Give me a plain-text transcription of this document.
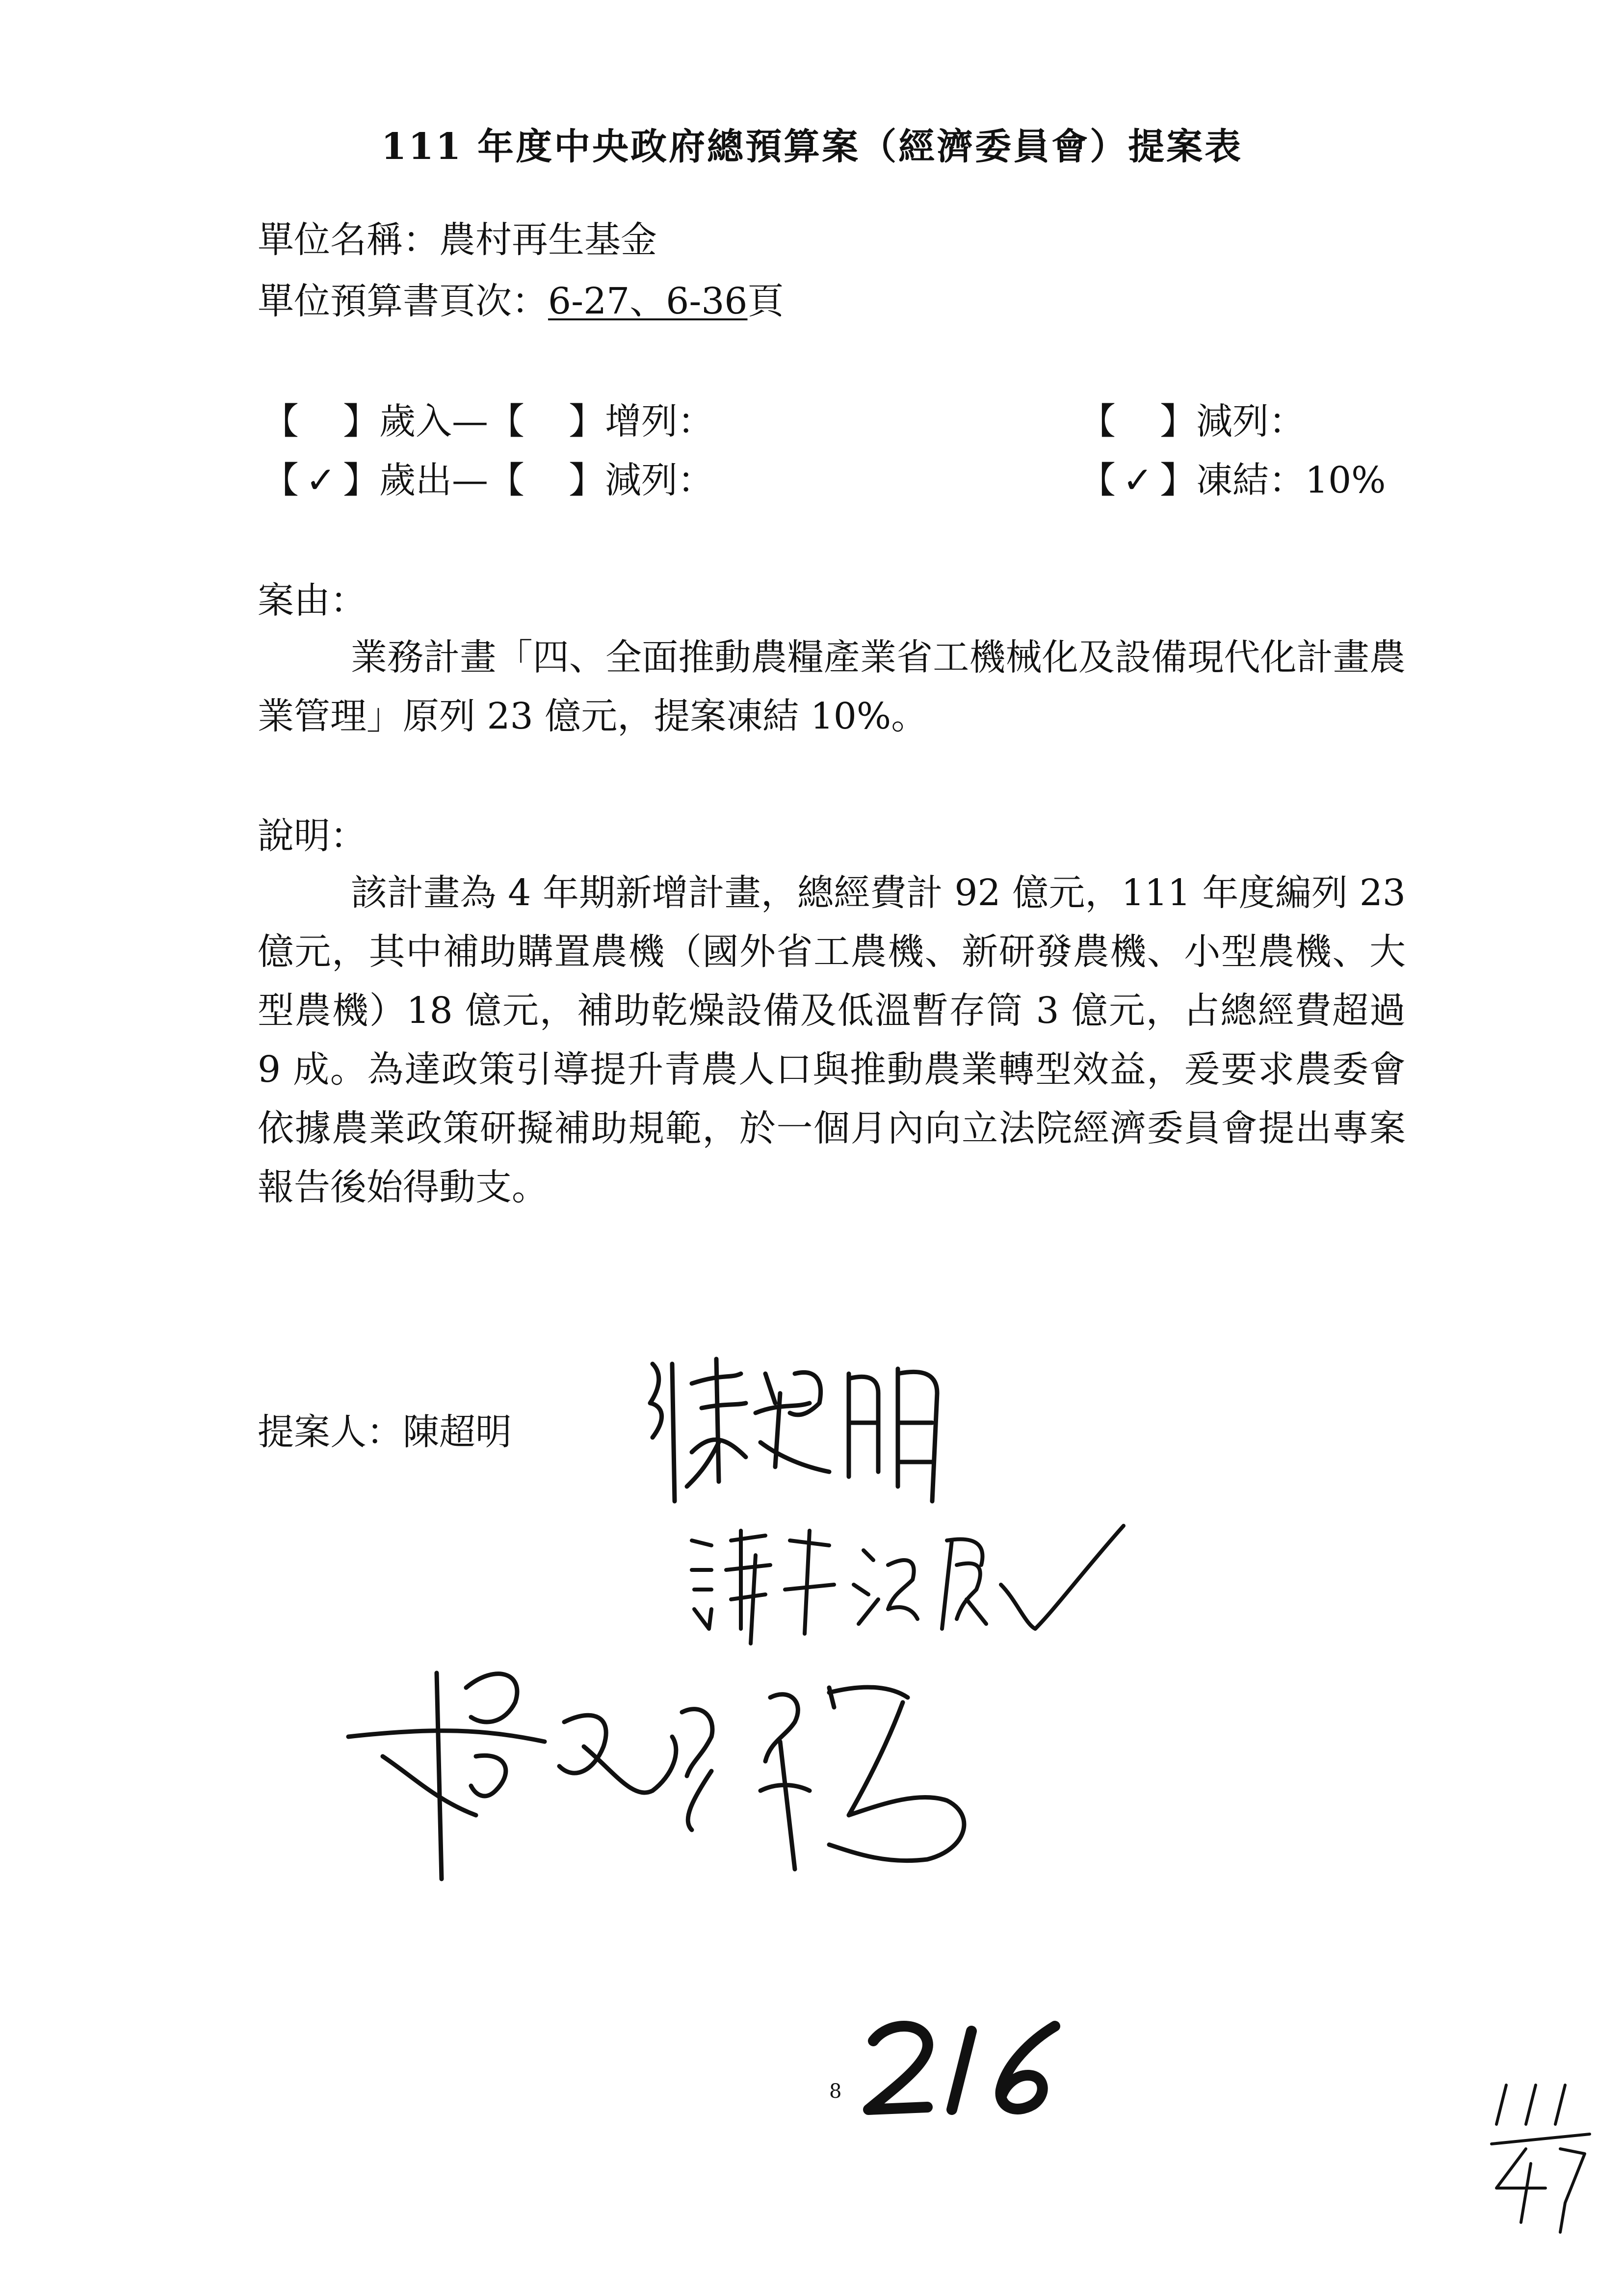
111 年度中央政府總預算案（經濟委員會）提案表
單位名稱：農村再生基金
單位預算書頁次：6-27、6-36頁
【 】歲入—【 】增列：	【 】減列：
【 ✓ 】歲出—【 】減列：	【 ✓ 】凍結：10%
案由：
業務計畫「四、全面推動農糧產業省工機械化及設備現代化計畫農業管理」原列 23 億元，提案凍結 10%。
說明：
該計畫為 4 年期新增計畫，總經費計 92 億元，111 年度編列 23 億元，其中補助購置農機（國外省工農機、新研發農機、小型農機、大型農機）18 億元，補助乾燥設備及低溫暫存筒 3 億元，占總經費超過 9 成。為達政策引導提升青農人口與推動農業轉型效益，爰要求農委會依據農業政策研擬補助規範，於一個月內向立法院經濟委員會提出專案報告後始得動支。
提案人：陳超明
8
